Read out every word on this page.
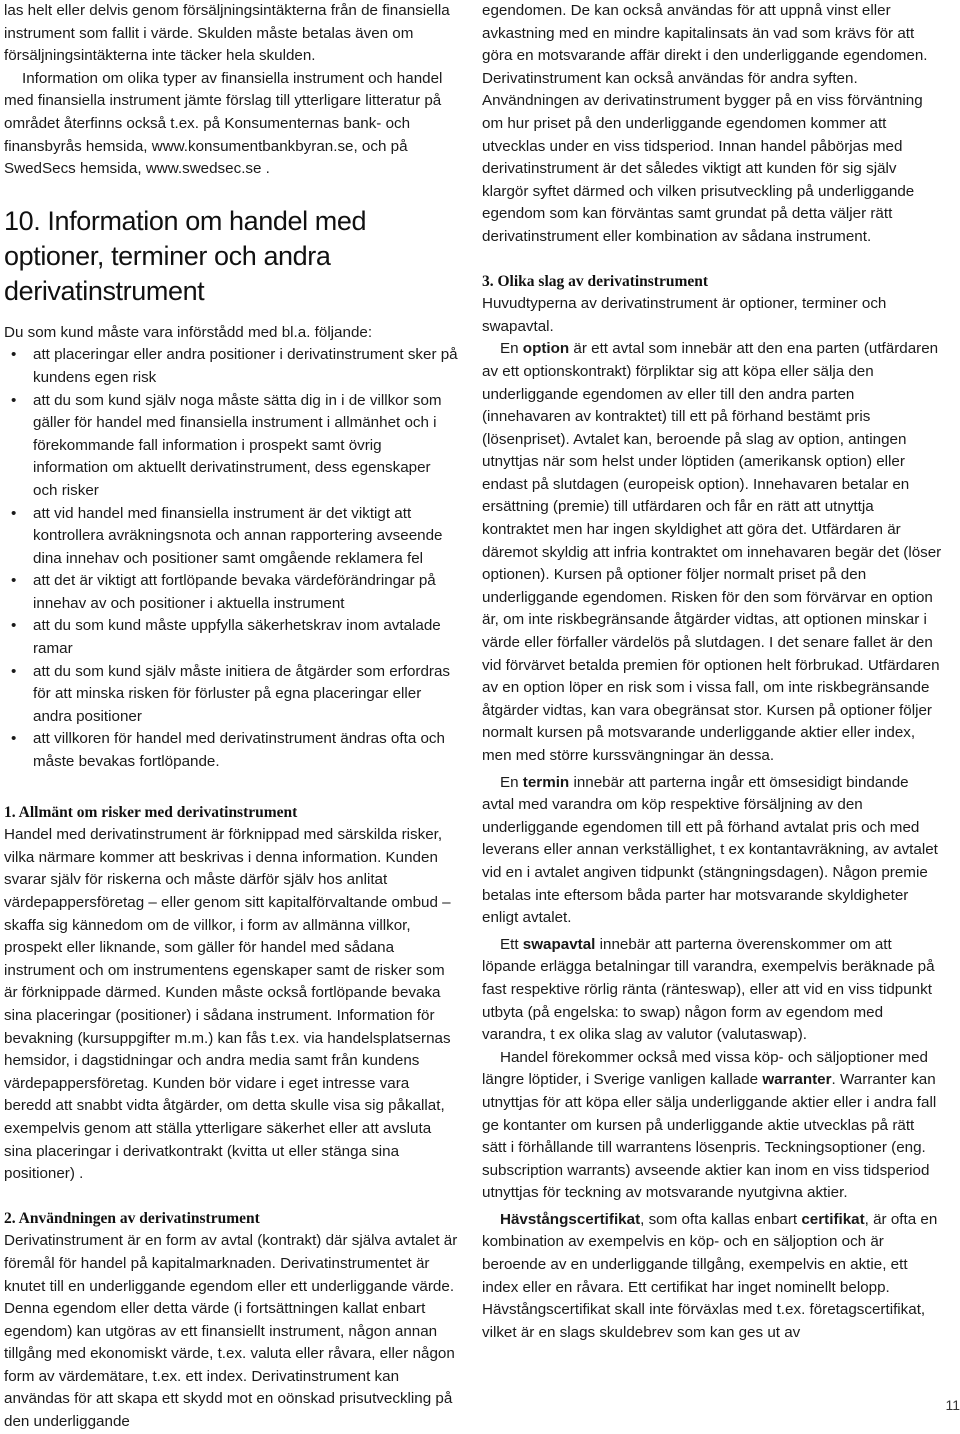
las helt eller delvis genom försäljningsintäkterna från de finansiella instrument som fallit i värde. Skulden måste betalas även om försäljningsintäkterna inte täcker hela skulden.

Information om olika typer av finansiella instrument och handel med finansiella instrument jämte förslag till ytterligare litteratur på området återfinns också t.ex. på Konsumenternas bank- och finansbyrås hemsida, www.konsumentbankbyran.se, och på SwedSecs hemsida, www.swedsec.se .

10. Information om handel med optioner, terminer och andra derivatinstrument

Du som kund måste vara införstådd med bl.a. följande:

• att placeringar eller andra positioner i derivatinstrument sker på kundens egen risk
• att du som kund själv noga måste sätta dig in i de villkor som gäller för handel med finansiella instrument i allmänhet och i förekommande fall information i prospekt samt övrig information om aktuellt derivatinstrument, dess egenskaper och risker
• att vid handel med finansiella instrument är det viktigt att kontrollera avräkningsnota och annan rapportering avseende dina innehav och positioner samt omgående reklamera fel
• att det är viktigt att fortlöpande bevaka värdeförändringar på innehav av och positioner i aktuella instrument
• att du som kund måste uppfylla säkerhetskrav inom avtalade ramar
• att du som kund själv måste initiera de åtgärder som erfordras för att minska risken för förluster på egna placeringar eller andra positioner
• att villkoren för handel med derivatinstrument ändras ofta och måste bevakas fortlöpande.
1. Allmänt om risker med derivatinstrument

Handel med derivatinstrument är förknippad med särskilda risker, vilka närmare kommer att beskrivas i denna information. Kunden svarar själv för riskerna och måste därför själv hos anlitat värdepappersföretag – eller genom sitt kapitalförvaltande ombud – skaffa sig kännedom om de villkor, i form av allmänna villkor, prospekt eller liknande, som gäller för handel med sådana instrument och om instrumentens egenskaper samt de risker som är förknippade därmed. Kunden måste också fortlöpande bevaka sina placeringar (positioner) i sådana instrument. Information för bevakning (kursuppgifter m.m.) kan fås t.ex. via handelsplatsernas hemsidor, i dagstidningar och andra media samt från kundens värdepappersföretag. Kunden bör vidare i eget intresse vara beredd att snabbt vidta åtgärder, om detta skulle visa sig påkallat, exempelvis genom att ställa ytterligare säkerhet eller att avsluta sina placeringar i derivatkontrakt (kvitta ut eller stänga sina positioner) .

2. Användningen av derivatinstrument

Derivatinstrument är en form av avtal (kontrakt) där själva avtalet är föremål för handel på kapitalmarknaden. Derivatinstrumentet är knutet till en underliggande egendom eller ett underliggande värde. Denna egendom eller detta värde (i fortsättningen kallat enbart egendom) kan utgöras av ett finansiellt instrument, någon annan tillgång med ekonomiskt värde, t.ex. valuta eller råvara, eller någon form av värdemätare, t.ex. ett index. Derivatinstrument kan användas för att skapa ett skydd mot en oönskad prisutveckling på den underliggande

egendomen. De kan också användas för att uppnå vinst eller avkastning med en mindre kapitalinsats än vad som krävs för att göra en motsvarande affär direkt i den underliggande egendomen. Derivatinstrument kan också användas för andra syften. Användningen av derivatinstrument bygger på en viss förväntning om hur priset på den underliggande egendomen kommer att utvecklas under en viss tidsperiod. Innan handel påbörjas med derivatinstrument är det således viktigt att kunden för sig själv klargör syftet därmed och vilken prisutveckling på underliggande egendom som kan förväntas samt grundat på detta väljer rätt derivatinstrument eller kombination av sådana instrument.

3. Olika slag av derivatinstrument

Huvudtyperna av derivatinstrument är optioner, terminer och swapavtal.

En option är ett avtal som innebär att den ena parten (utfärdaren av ett optionskontrakt) förpliktar sig att köpa eller sälja den underliggande egendomen av eller till den andra parten (innehavaren av kontraktet) till ett på förhand bestämt pris (lösenpriset). Avtalet kan, beroende på slag av option, antingen utnyttjas när som helst under löptiden (amerikansk option) eller endast på slutdagen (europeisk option). Innehavaren betalar en ersättning (premie) till utfärdaren och får en rätt att utnyttja kontraktet men har ingen skyldighet att göra det. Utfärdaren är däremot skyldig att infria kontraktet om innehavaren begär det (löser optionen). Kursen på optioner följer normalt priset på den underliggande egendomen. Risken för den som förvärvar en option är, om inte riskbegränsande åtgärder vidtas, att optionen minskar i värde eller förfaller värdelös på slutdagen. I det senare fallet är den vid förvärvet betalda premien för optionen helt förbrukad. Utfärdaren av en option löper en risk som i vissa fall, om inte riskbegränsande åtgärder vidtas, kan vara obegränsat stor. Kursen på optioner följer normalt kursen på motsvarande underliggande aktier eller index, men med större kurssvängningar än dessa.

En termin innebär att parterna ingår ett ömsesidigt bindande avtal med varandra om köp respektive försäljning av den underliggande egendomen till ett på förhand avtalat pris och med leverans eller annan verkställighet, t ex kontantavräkning, av avtalet vid en i avtalet angiven tidpunkt (stängningsdagen). Någon premie betalas inte eftersom båda parter har motsvarande skyldigheter enligt avtalet.

Ett swapavtal innebär att parterna överenskommer om att löpande erlägga betalningar till varandra, exempelvis beräknade på fast respektive rörlig ränta (ränteswap), eller att vid en viss tidpunkt utbyta (på engelska: to swap) någon form av egendom med varandra, t ex olika slag av valutor (valutaswap).

Handel förekommer också med vissa köp- och säljoptioner med längre löptider, i Sverige vanligen kallade warranter. Warranter kan utnyttjas för att köpa eller sälja underliggande aktier eller i andra fall ge kontanter om kursen på underliggande aktie utvecklas på rätt sätt i förhållande till warrantens lösenpris. Teckningsoptioner (eng. subscription warrants) avseende aktier kan inom en viss tidsperiod utnyttjas för teckning av motsvarande nyutgivna aktier.

Hävstångscertifikat, som ofta kallas enbart certifikat, är ofta en kombination av exempelvis en köp- och en säljoption och är beroende av en underliggande tillgång, exempelvis en aktie, ett index eller en råvara. Ett certifikat har inget nominellt belopp. Hävstångscertifikat skall inte förväxlas med t.ex. företagscertifikat, vilket är en slags skuldebrev som kan ges ut av

11
